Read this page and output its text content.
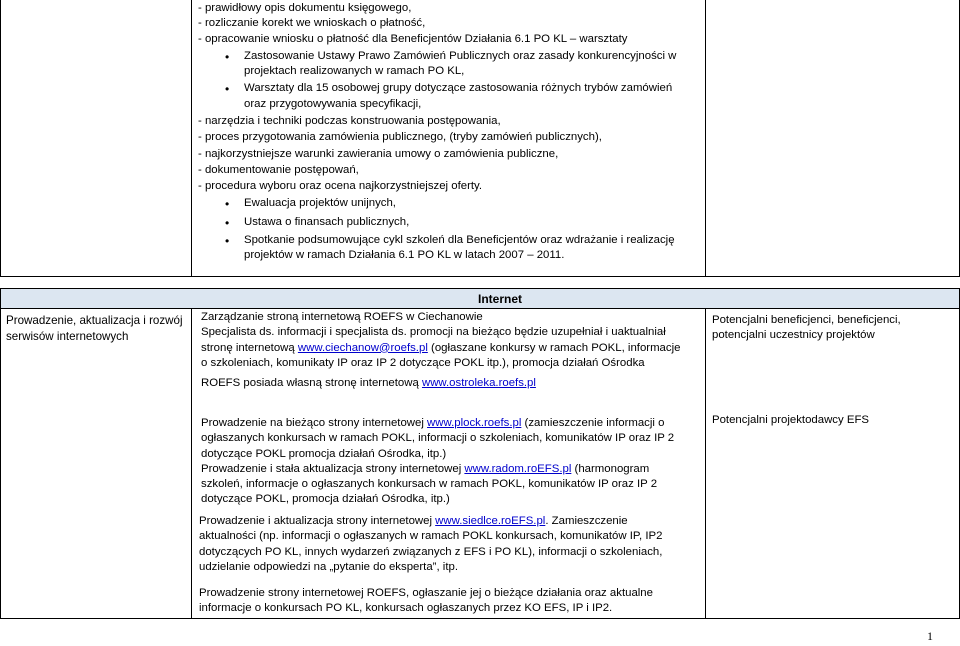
Internet
- prawidłowy opis dokumentu księgowego,
- rozliczanie korekt we wnioskach o płatność,
- opracowanie wniosku o płatność dla Beneficjentów Działania 6.1 PO KL – warsztaty
• Zastosowanie Ustawy Prawo Zamówień Publicznych oraz zasady konkurencyjności w
projektach realizowanych w ramach PO KL,
• Warsztaty dla 15 osobowej grupy dotyczące zastosowania różnych trybów zamówień
oraz przygotowywania specyfikacji,
- narzędzia i techniki podczas konstruowania postępowania,
- proces przygotowania zamówienia publicznego, (tryby zamówień publicznych),
- najkorzystniejsze warunki zawierania umowy o zamówienia publiczne,
- dokumentowanie postępowań,
- procedura wyboru oraz ocena najkorzystniejszej oferty.
• Ewaluacja projektów unijnych,
• Ustawa o finansach publicznych,
• Spotkanie podsumowujące cykl szkoleń dla Beneficjentów oraz wdrażanie i realizację
projektów w ramach Działania 6.1 PO KL w latach 2007 – 2011.
Prowadzenie, aktualizacja i rozwój serwisów internetowych
Zarządzanie stroną internetową ROEFS w Ciechanowie
Specjalista ds. informacji i specjalista ds. promocji na bieżąco będzie uzupełniał i uaktualniał
stronę internetową www.ciechanow@roefs.pl (ogłaszane konkursy w ramach POKL, informacje
o szkoleniach, komunikaty IP oraz IP 2 dotyczące POKL itp.), promocja działań Ośrodka
ROEFS posiada własną stronę internetową www.ostroleka.roefs.pl
Potencjalni beneficjenci, beneficjenci, potencjalni uczestnicy projektów
Prowadzenie na bieżąco strony internetowej www.plock.roefs.pl (zamieszczenie informacji o
ogłaszanych konkursach w ramach POKL, informacji o szkoleniach, komunikatów IP oraz IP 2
dotyczące POKL promocja działań Ośrodka, itp.)
Prowadzenie i stała aktualizacja strony internetowej www.radom.roEFS.pl (harmonogram
szkoleń, informacje o ogłaszanych konkursach w ramach POKL, komunikatów IP oraz IP 2
dotyczące POKL, promocja działań Ośrodka, itp.)
Potencjalni projektodawcy EFS
Prowadzenie i aktualizacja strony internetowej www.siedlce.roEFS.pl. Zamieszczenie
aktualności (np. informacji o ogłaszanych w ramach POKL konkursach, komunikatów IP, IP2
dotyczących PO KL, innych wydarzeń związanych z EFS i PO KL), informacji o szkoleniach,
udzielanie odpowiedzi na „pytanie do eksperta”, itp.
Prowadzenie strony internetowej ROEFS, ogłaszanie jej o bieżące działania oraz aktualne
informacje o konkursach PO KL, konkursach ogłaszanych przez KO EFS, IP i IP2.
1
